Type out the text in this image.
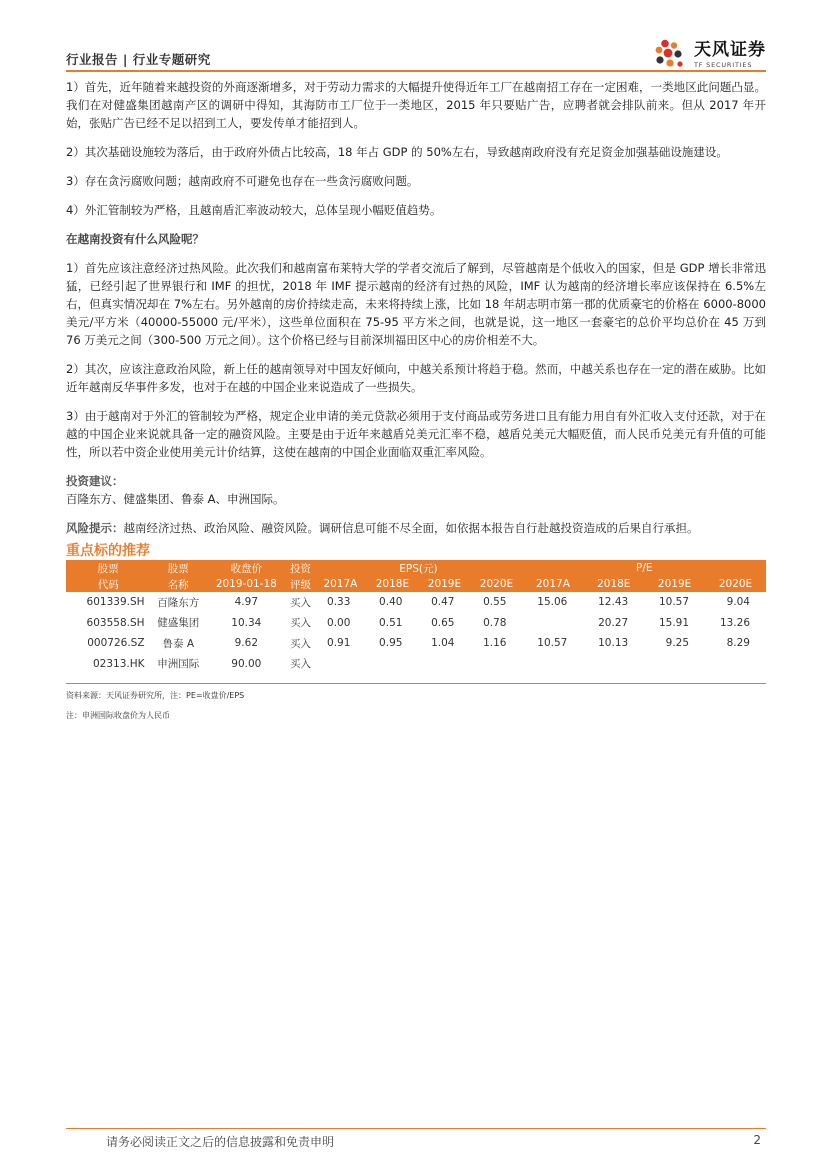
行业报告 | 行业专题研究	天风证券
TF SECURITIES

1）首先，近年随着来越投资的外商逐渐增多，对于劳动力需求的大幅提升使得近年工厂在越南招工存在一定困难，一类地区此问题凸显。我们在对健盛集团越南产区的调研中得知，其海防市工厂位于一类地区，2015 年只要贴广告，应聘者就会排队前来。但从 2017 年开始，张贴广告已经不足以招到工人，要发传单才能招到人。

2）其次基础设施较为落后，由于政府外债占比较高，18 年占 GDP 的 50%左右，导致越南政府没有充足资金加强基础设施建设。

3）存在贪污腐败问题；越南政府不可避免也存在一些贪污腐败问题。

4）外汇管制较为严格，且越南盾汇率波动较大，总体呈现小幅贬值趋势。

在越南投资有什么风险呢？

1）首先应该注意经济过热风险。此次我们和越南富布莱特大学的学者交流后了解到，尽管越南是个低收入的国家，但是 GDP 增长非常迅猛，已经引起了世界银行和 IMF 的担忧，2018 年 IMF 提示越南的经济有过热的风险，IMF 认为越南的经济增长率应该保持在 6.5%左右，但真实情况却在 7%左右。另外越南的房价持续走高，未来将持续上涨，比如 18 年胡志明市第一郡的优质豪宅的价格在 6000-8000 美元/平方米（40000-55000 元/平米），这些单位面积在 75-95 平方米之间，也就是说，这一地区一套豪宅的总价平均总价在 45 万到 76 万美元之间（300-500 万元之间）。这个价格已经与目前深圳福田区中心的房价相差不大。

2）其次，应该注意政治风险，新上任的越南领导对中国友好倾向，中越关系预计将趋于稳。然而，中越关系也存在一定的潜在威胁。比如近年越南反华事件多发，也对于在越的中国企业来说造成了一些损失。

3）由于越南对于外汇的管制较为严格，规定企业申请的美元贷款必须用于支付商品或劳务进口且有能力用自有外汇收入支付还款，对于在越的中国企业来说就具备一定的融资风险。主要是由于近年来越盾兑美元汇率不稳，越盾兑美元大幅贬值，而人民币兑美元有升值的可能性，所以若中资企业使用美元计价结算，这使在越南的中国企业面临双重汇率风险。

投资建议：
百隆东方、健盛集团、鲁泰 A、申洲国际。

风险提示：越南经济过热、政治风险、融资风险。调研信息可能不尽全面，如依据本报告自行赴越投资造成的后果自行承担。

重点标的推荐
股票	股票	收盘价	投资	EPS(元)				P/E			
代码	名称	2019-01-18	评级	2017A	2018E	2019E	2020E	2017A	2018E	2019E	2020E
601339.SH	百隆东方	4.97	买入	0.33	0.40	0.47	0.55	15.06	12.43	10.57	9.04
603558.SH	健盛集团	10.34	买入	0.00	0.51	0.65	0.78		20.27	15.91	13.26
000726.SZ	鲁泰 A	9.62	买入	0.91	0.95	1.04	1.16	10.57	10.13	9.25	8.29
02313.HK	申洲国际	90.00	买入								
资料来源：天风证券研究所，注：PE=收盘价/EPS
注：申洲国际收盘价为人民币
请务必阅读正文之后的信息披露和免责申明	2
